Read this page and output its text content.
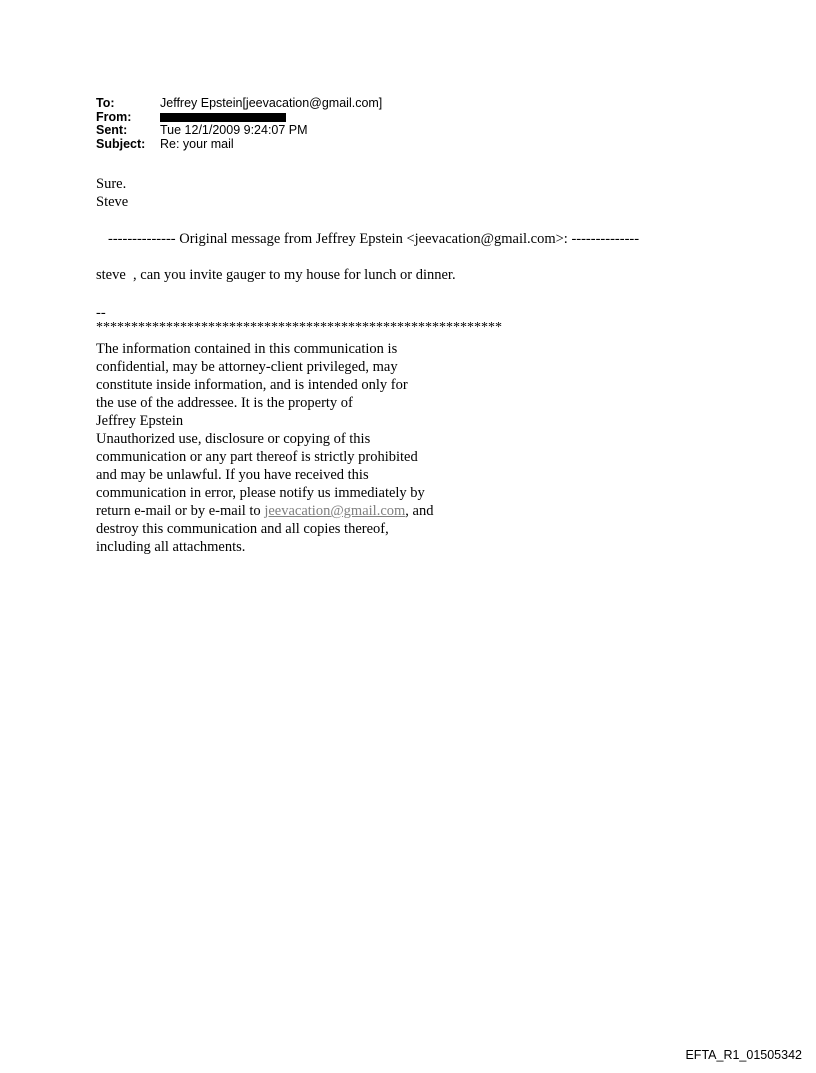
To:	Jeffrey Epstein[jeevacation@gmail.com]
From:
Sent:	Tue 12/1/2009 9:24:07 PM
Subject:	Re: your mail
Sure.
Steve
-------------- Original message from Jeffrey Epstein <jeevacation@gmail.com>: --------------
steve  , can you invite gauger to my house for lunch or dinner.
--
**********************************************************
The information contained in this communication is
confidential, may be attorney-client privileged, may
constitute inside information, and is intended only for
the use of the addressee. It is the property of
Jeffrey Epstein
Unauthorized use, disclosure or copying of this
communication or any part thereof is strictly prohibited
and may be unlawful. If you have received this
communication in error, please notify us immediately by
return e-mail or by e-mail to jeevacation@gmail.com, and
destroy this communication and all copies thereof,
including all attachments.
EFTA_R1_01505342
